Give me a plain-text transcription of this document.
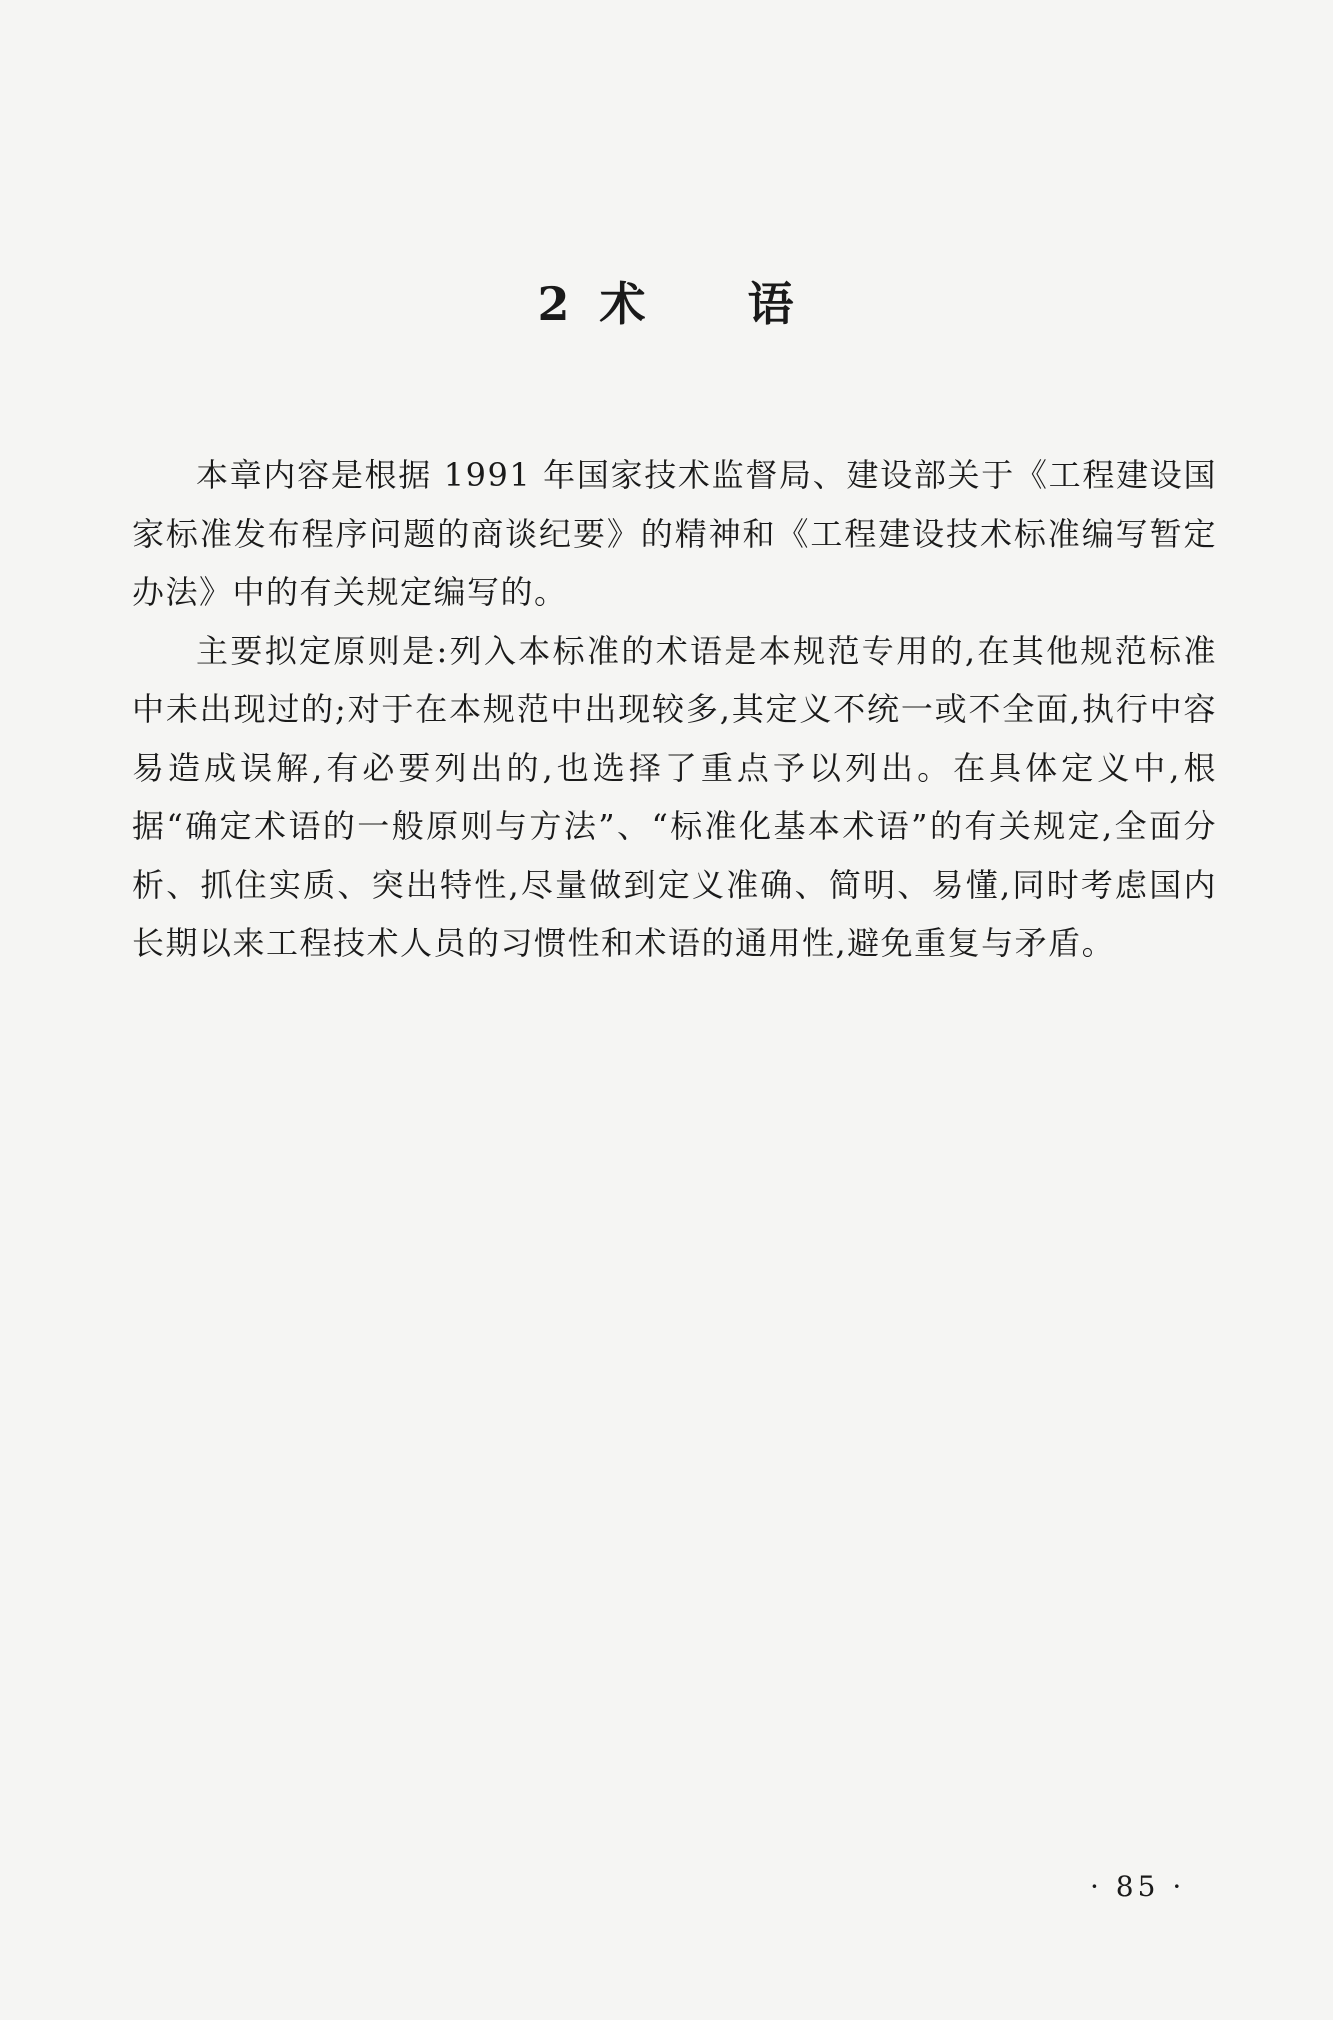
2 术 语

本章内容是根据 1991 年国家技术监督局、建设部关于《工程建设国家标准发布程序问题的商谈纪要》的精神和《工程建设技术标准编写暂定办法》中的有关规定编写的。

主要拟定原则是:列入本标准的术语是本规范专用的,在其他规范标准中未出现过的;对于在本规范中出现较多,其定义不统一或不全面,执行中容易造成误解,有必要列出的,也选择了重点予以列出。在具体定义中,根据“确定术语的一般原则与方法”、“标准化基本术语”的有关规定,全面分析、抓住实质、突出特性,尽量做到定义准确、简明、易懂,同时考虑国内长期以来工程技术人员的习惯性和术语的通用性,避免重复与矛盾。

· 85 ·
